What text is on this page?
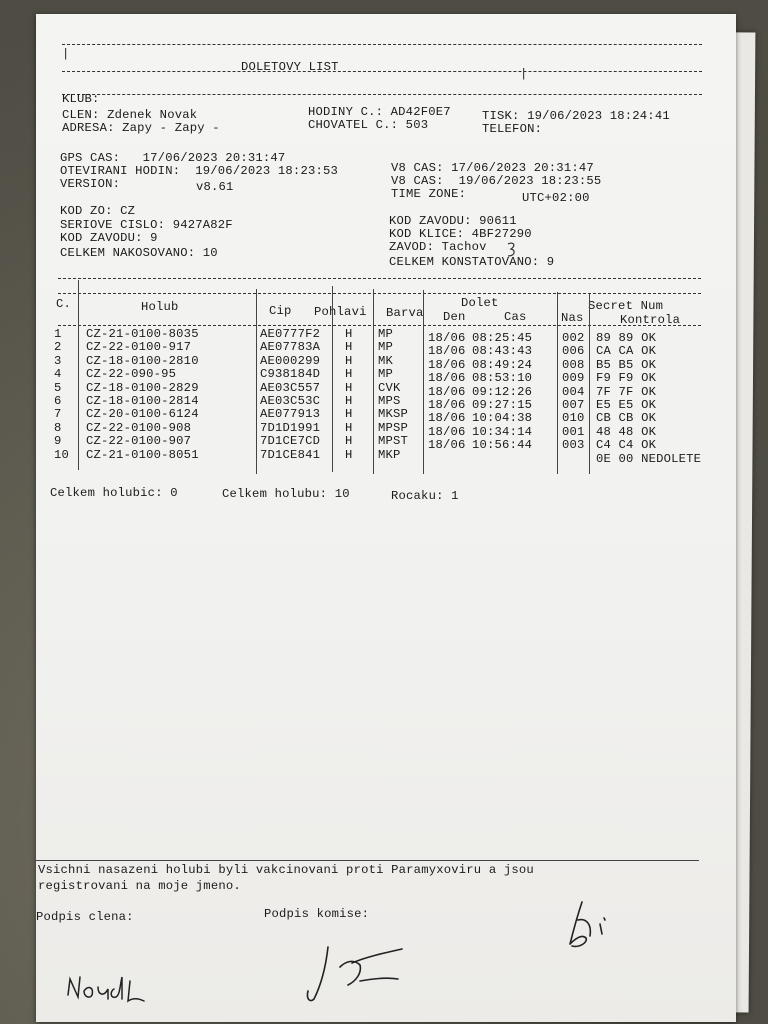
|
DOLETOVY LIST	|
KLUB:
CLEN: Zdenek Novak
ADRESA: Zapy - Zapy -
HODINY C.: AD42F0E7
CHOVATEL C.: 503
TISK: 19/06/2023 18:24:41
TELEFON:
GPS CAS:   17/06/2023 20:31:47
OTEVIRANI HODIN:  19/06/2023 18:23:53
VERSION:	v8.61
V8 CAS: 17/06/2023 20:31:47
V8 CAS:  19/06/2023 18:23:55
TIME ZONE:	UTC+02:00
KOD ZO: CZ
SERIOVE CISLO: 9427A82F
KOD ZAVODU: 9
CELKEM NAKOSOVANO: 10
KOD ZAVODU: 90611
KOD KLICE: 4BF27290
ZAVOD: Tachov
CELKEM KONSTATOVANO: 9
C.	Holub	Cip Pohlavi Barva
Dolet
Den	Cas	Nas
Secret Num
Kontrola
1 CZ-21-0100-8035	AE0777F2 H MP	18/06 08:25:45 002 89 89 OK
2 CZ-22-0100-917	AE07783A H MP	18/06 08:43:43 006 CA CA OK
3 CZ-18-0100-2810	AE000299 H MK	18/06 08:49:24 008 B5 B5 OK
4 CZ-22-090-95	C938184D H MP	18/06 08:53:10 009 F9 F9 OK
5 CZ-18-0100-2829	AE03C557 H CVK 18/06 09:12:26 004 7F 7F OK
6 CZ-18-0100-2814	AE03C53C H MPS 18/06 09:27:15 007 E5 E5 OK
7 CZ-20-0100-6124	AE077913 H MKSP 18/06 10:04:38 010 CB CB OK
8 CZ-22-0100-908	7D1D1991 H MPSP 18/06 10:34:14 001 48 48 OK
9 CZ-22-0100-907	7D1CE7CD H MPST 18/06 10:56:44 003 C4 C4 OK
10 CZ-21-0100-8051	7D1CE841 H MKP	0E 00 NEDOLETE
Celkem holubic: 0	Celkem holubu: 10	Rocaku: 1
Vsichni nasazeni holubi byli vakcinovani proti Paramyxoviru a jsou
registrovani na moje jmeno.
Podpis clena:	Podpis komise:
